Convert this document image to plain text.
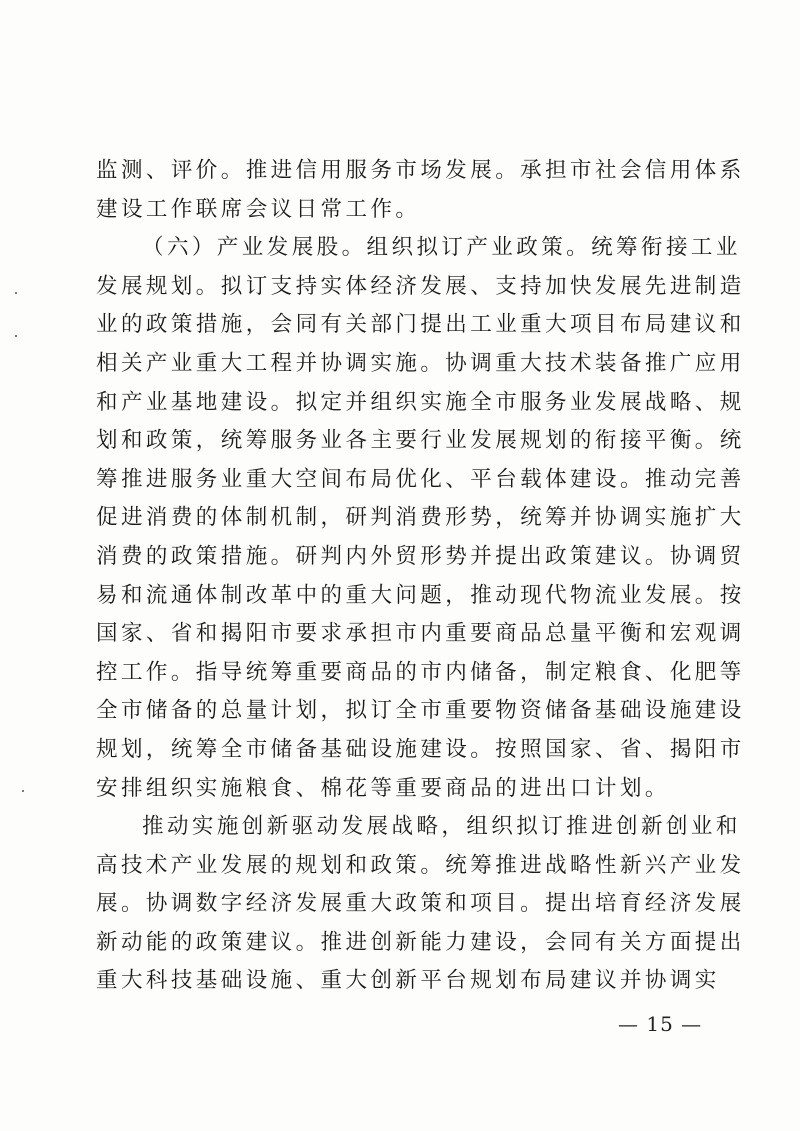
监测、评价。推进信用服务市场发展。承担市社会信用体系
建设工作联席会议日常工作。
（六）产业发展股。组织拟订产业政策。统筹衔接工业
发展规划。拟订支持实体经济发展、支持加快发展先进制造
业的政策措施，会同有关部门提出工业重大项目布局建议和
相关产业重大工程并协调实施。协调重大技术装备推广应用
和产业基地建设。拟定并组织实施全市服务业发展战略、规
划和政策，统筹服务业各主要行业发展规划的衔接平衡。统
筹推进服务业重大空间布局优化、平台载体建设。推动完善
促进消费的体制机制，研判消费形势，统筹并协调实施扩大
消费的政策措施。研判内外贸形势并提出政策建议。协调贸
易和流通体制改革中的重大问题，推动现代物流业发展。按
国家、省和揭阳市要求承担市内重要商品总量平衡和宏观调
控工作。指导统筹重要商品的市内储备，制定粮食、化肥等
全市储备的总量计划，拟订全市重要物资储备基础设施建设
规划，统筹全市储备基础设施建设。按照国家、省、揭阳市
安排组织实施粮食、棉花等重要商品的进出口计划。
推动实施创新驱动发展战略，组织拟订推进创新创业和
高技术产业发展的规划和政策。统筹推进战略性新兴产业发
展。协调数字经济发展重大政策和项目。提出培育经济发展
新动能的政策建议。推进创新能力建设，会同有关方面提出
重大科技基础设施、重大创新平台规划布局建议并协调实
— 15 —
